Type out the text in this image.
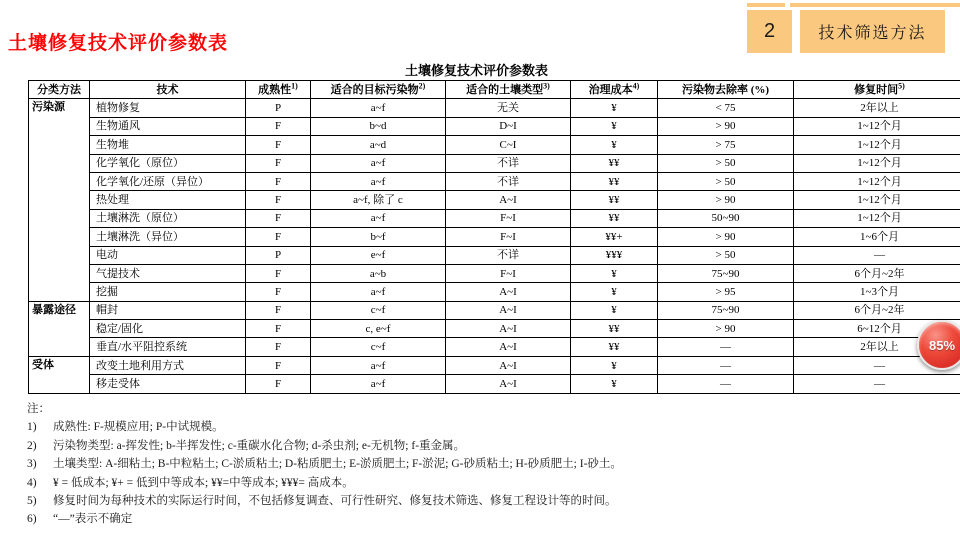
2	技术筛选方法
土壤修复技术评价参数表
土壤修复技术评价参数表
分类方法	技术	成熟性$^{1)}$	适合的目标污染物$^{2)}$	适合的土壤类型$^{3)}$	治理成本$^{4)}$	污染物去除率 (%)	修复时间$^{5)}$
污染源	植物修复	P	a~f	无关	¥	< 75	2年以上
	生物通风	F	b~d	D~I	¥	> 90	1~12个月
	生物堆	F	a~d	C~I	¥	> 75	1~12个月
	化学氧化（原位）	F	a~f	不详	¥¥	> 50	1~12个月
	化学氧化/还原（异位）	F	a~f	不详	¥¥	> 50	1~12个月
	热处理	F	a~f, 除了 c	A~I	¥¥	> 90	1~12个月
	土壤淋洗（原位）	F	a~f	F~I	¥¥	50~90	1~12个月
	土壤淋洗（异位）	F	b~f	F~I	¥¥+	> 90	1~6个月
	电动	P	e~f	不详	¥¥¥	> 50	—
	气提技术	F	a~b	F~I	¥	75~90	6个月~2年
	挖掘	F	a~f	A~I	¥	> 95	1~3个月
暴露途径	帽封	F	c~f	A~I	¥	75~90	6个月~2年
	稳定/固化	F	c, e~f	A~I	¥¥	> 90	6~12个月
	垂直/水平阻控系统	F	c~f	A~I	¥¥	—	2年以上
受体	改变土地利用方式	F	a~f	A~I	¥	—	—
	移走受体	F	a~f	A~I	¥	—	—
注：
1) 成熟性: F-规模应用; P-中试规模。
2) 污染物类型: a-挥发性; b-半挥发性; c-重碳水化合物; d-杀虫剂; e-无机物; f-重金属。
3) 土壤类型: A-细粘土; B-中粒粘土; C-淤质粘土; D-粘质肥土; E-淤质肥土; F-淤泥; G-砂质粘土; H-砂质肥土; I-砂土。
4) ¥ = 低成本; ¥+ = 低到中等成本; ¥¥=中等成本; ¥¥¥= 高成本。
5) 修复时间为每种技术的实际运行时间，不包括修复调查、可行性研究、修复技术筛选、修复工程设计等的时间。
6) “—”表示不确定
85%
